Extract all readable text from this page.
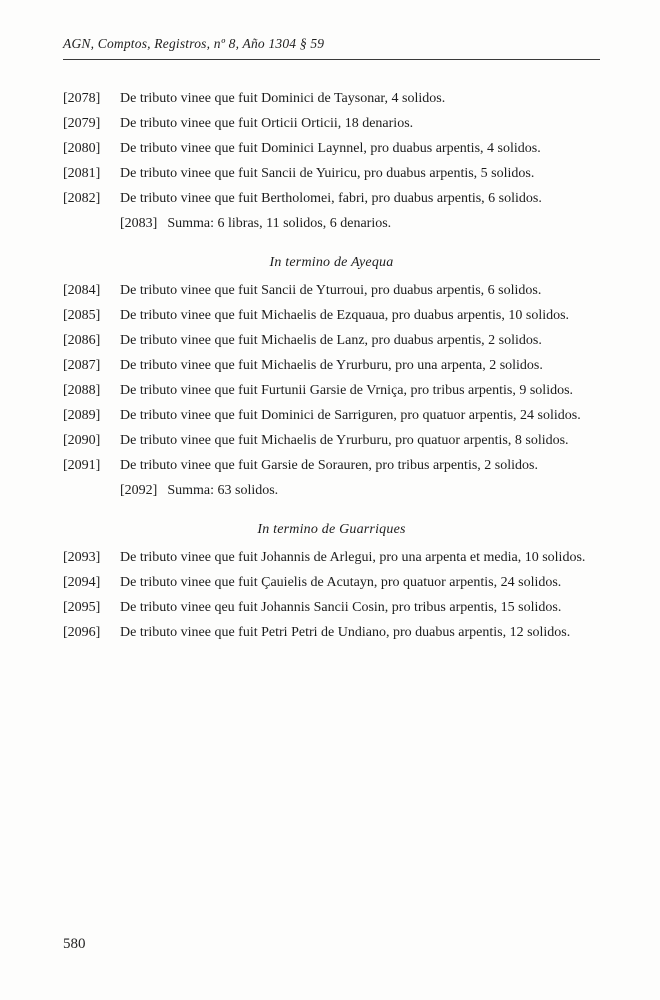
AGN, Comptos, Registros, nº 8, Año 1304 § 59
[2078]	De tributo vinee que fuit Dominici de Taysonar, 4 solidos.
[2079]	De tributo vinee que fuit Orticii Orticii, 18 denarios.
[2080]	De tributo vinee que fuit Dominici Laynnel, pro duabus arpentis, 4 solidos.
[2081]	De tributo vinee que fuit Sancii de Yuiricu, pro duabus arpentis, 5 solidos.
[2082]	De tributo vinee que fuit Bertholomei, fabri, pro duabus arpentis, 6 solidos.
[2083] Summa: 6 libras, 11 solidos, 6 denarios.
In termino de Ayequa
[2084]	De tributo vinee que fuit Sancii de Yturroui, pro duabus arpentis, 6 solidos.
[2085]	De tributo vinee que fuit Michaelis de Ezquaua, pro duabus arpentis, 10 solidos.
[2086]	De tributo vinee que fuit Michaelis de Lanz, pro duabus arpentis, 2 solidos.
[2087]	De tributo vinee que fuit Michaelis de Yrurburu, pro una arpenta, 2 solidos.
[2088]	De tributo vinee que fuit Furtunii Garsie de Vrniça, pro tribus arpentis, 9 solidos.
[2089]	De tributo vinee que fuit Dominici de Sarriguren, pro quatuor arpentis, 24 solidos.
[2090]	De tributo vinee que fuit Michaelis de Yrurburu, pro quatuor arpentis, 8 solidos.
[2091]	De tributo vinee que fuit Garsie de Sorauren, pro tribus arpentis, 2 solidos.
[2092] Summa: 63 solidos.
In termino de Guarriques
[2093]	De tributo vinee que fuit Johannis de Arlegui, pro una arpenta et media, 10 solidos.
[2094]	De tributo vinee que fuit Çauielis de Acutayn, pro quatuor arpentis, 24 solidos.
[2095]	De tributo vinee qeu fuit Johannis Sancii Cosin, pro tribus arpentis, 15 solidos.
[2096]	De tributo vinee que fuit Petri Petri de Undiano, pro duabus arpentis, 12 solidos.
580
